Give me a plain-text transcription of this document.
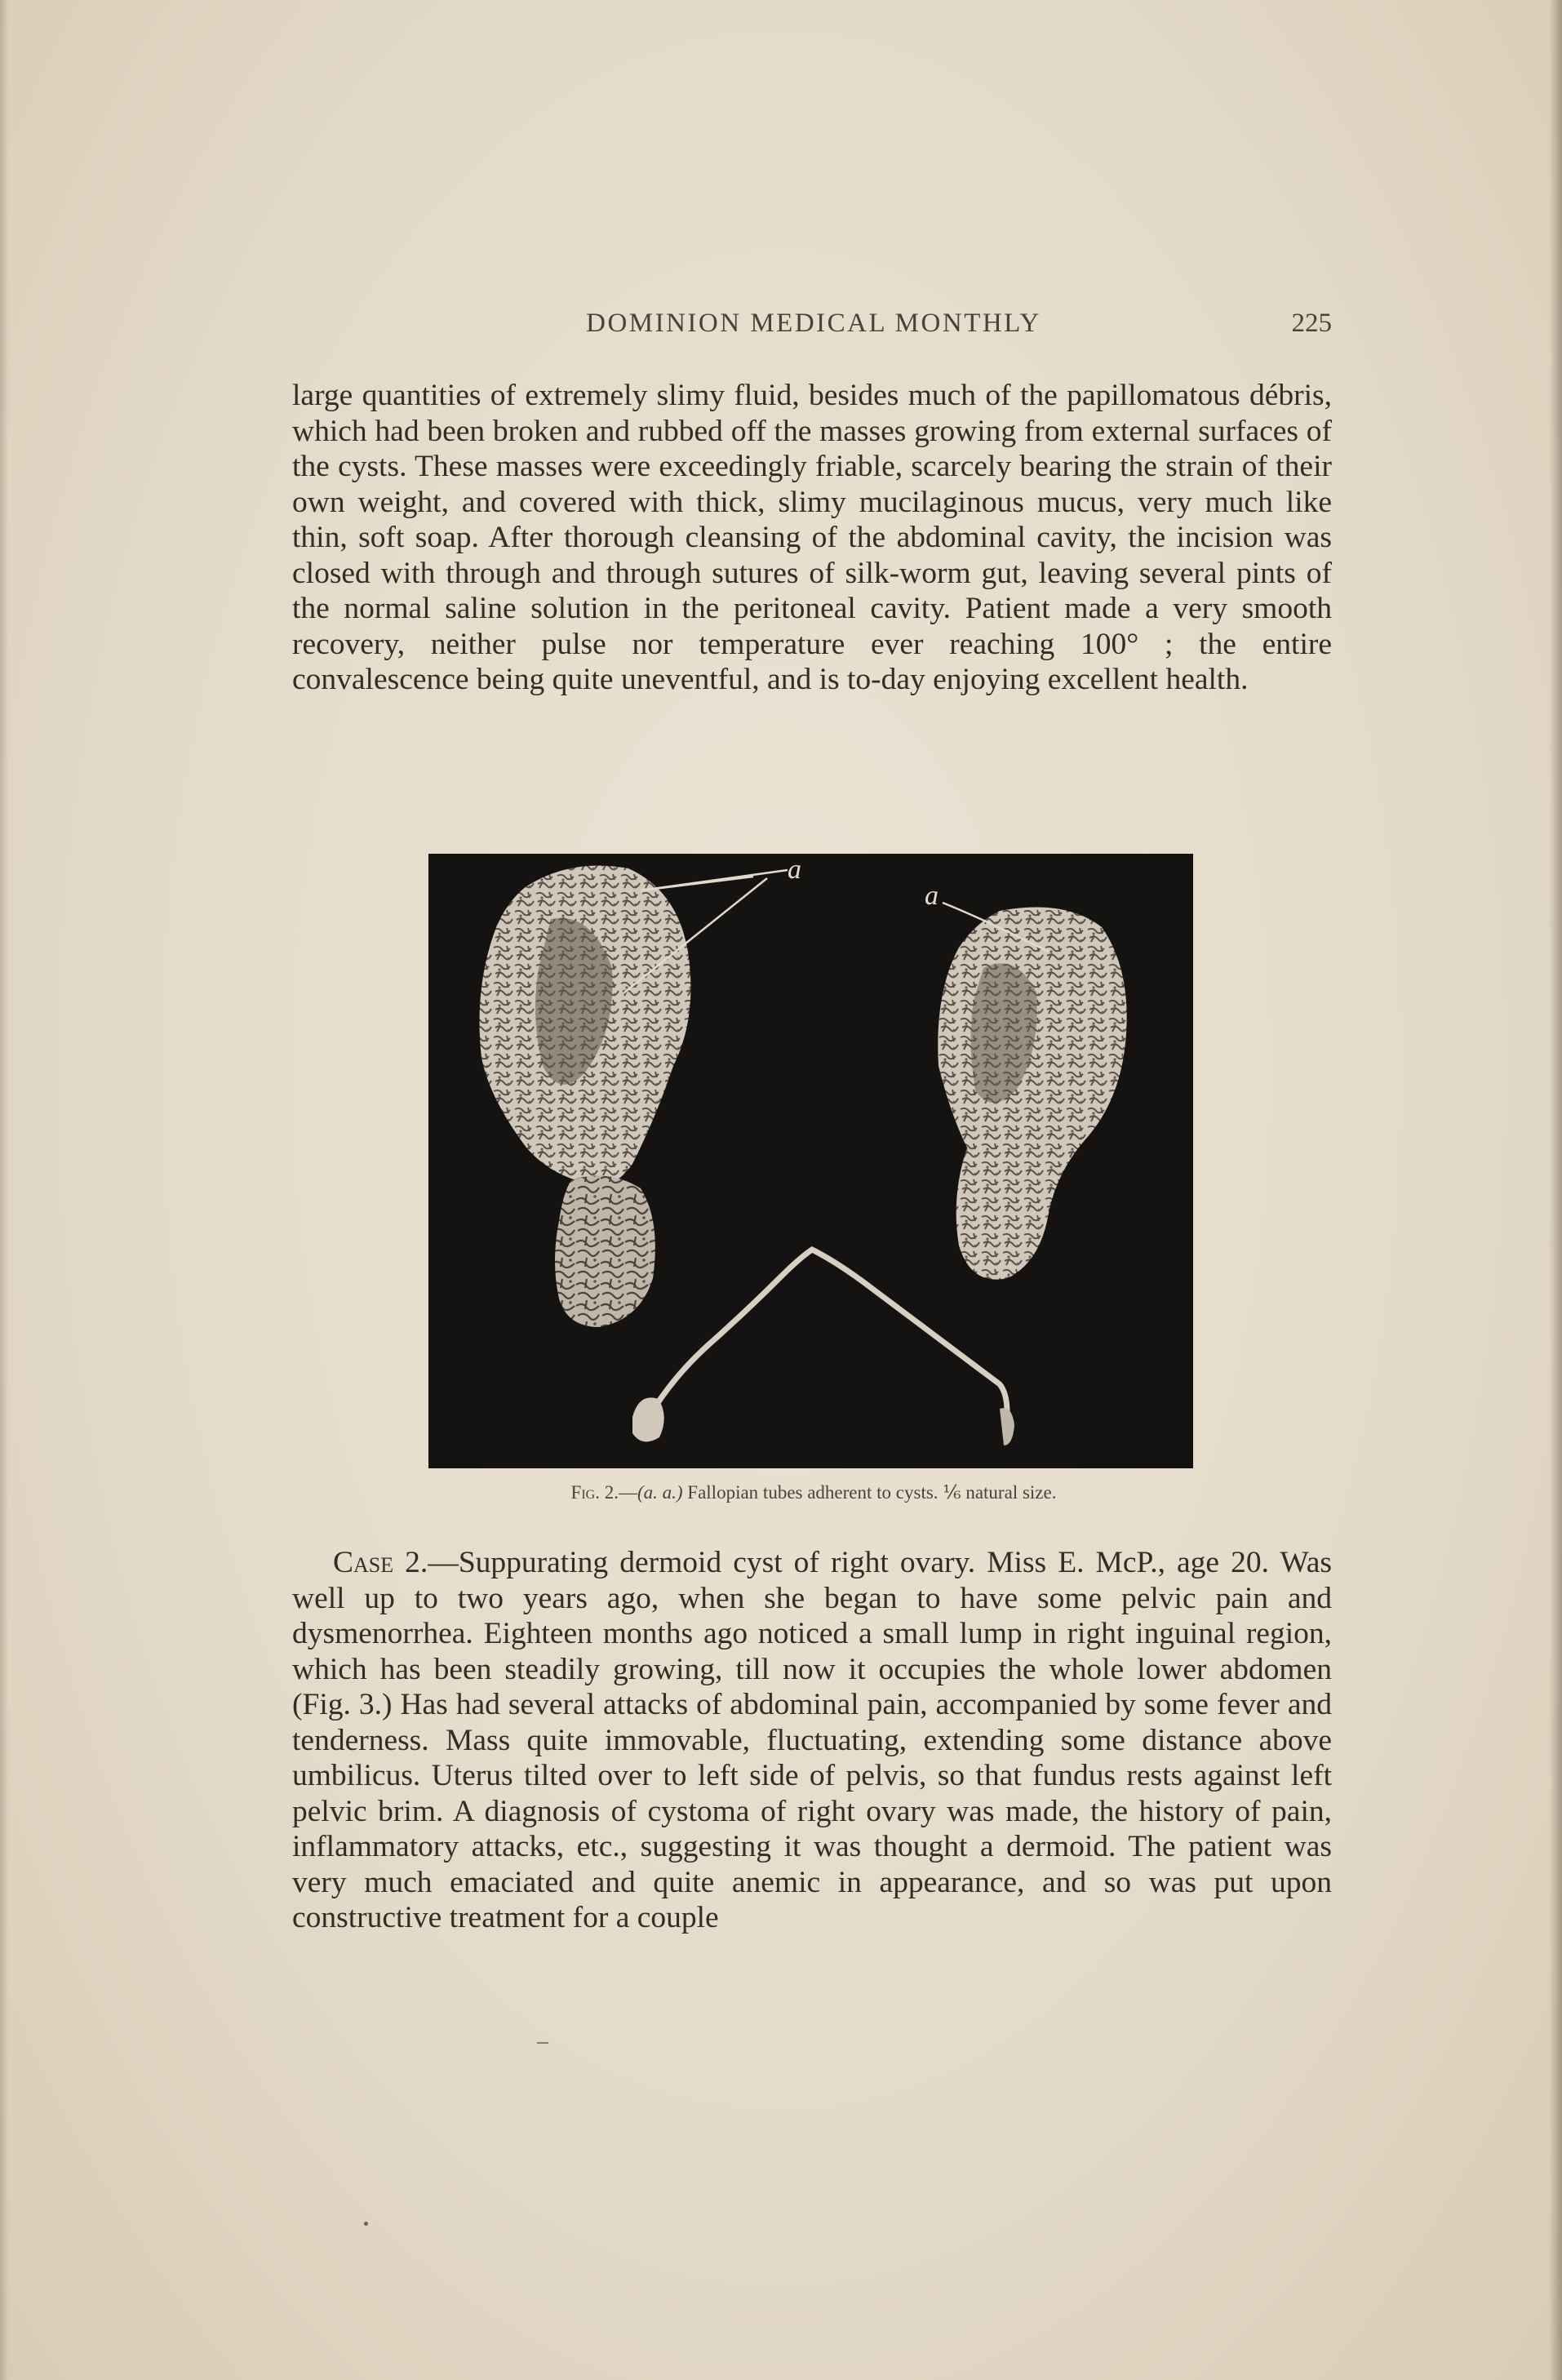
DOMINION MEDICAL MONTHLY	225

large quantities of extremely slimy fluid, besides much of the papillomatous débris, which had been broken and rubbed off the masses growing from external surfaces of the cysts. These masses were exceedingly friable, scarcely bearing the strain of their own weight, and covered with thick, slimy mucilaginous mucus, very much like thin, soft soap. After thorough cleansing of the abdominal cavity, the incision was closed with through and through sutures of silk-worm gut, leaving several pints of the normal saline solution in the peritoneal cavity. Patient made a very smooth recovery, neither pulse nor temperature ever reaching 100° ; the entire convalescence being quite uneventful, and is to-day enjoying excellent health.

a
a
Fig. 2.—(a. a.) Fallopian tubes adherent to cysts. ⅙ natural size.

Case 2.—Suppurating dermoid cyst of right ovary. Miss E. McP., age 20. Was well up to two years ago, when she began to have some pelvic pain and dysmenorrhea. Eighteen months ago noticed a small lump in right inguinal region, which has been steadily growing, till now it occupies the whole lower abdomen (Fig. 3.) Has had several attacks of abdominal pain, accompanied by some fever and tenderness. Mass quite immovable, fluctuating, extending some distance above umbilicus. Uterus tilted over to left side of pelvis, so that fundus rests against left pelvic brim. A diagnosis of cystoma of right ovary was made, the history of pain, inflammatory attacks, etc., suggesting it was thought a dermoid. The patient was very much emaciated and quite anemic in appearance, and so was put upon constructive treatment for a couple
